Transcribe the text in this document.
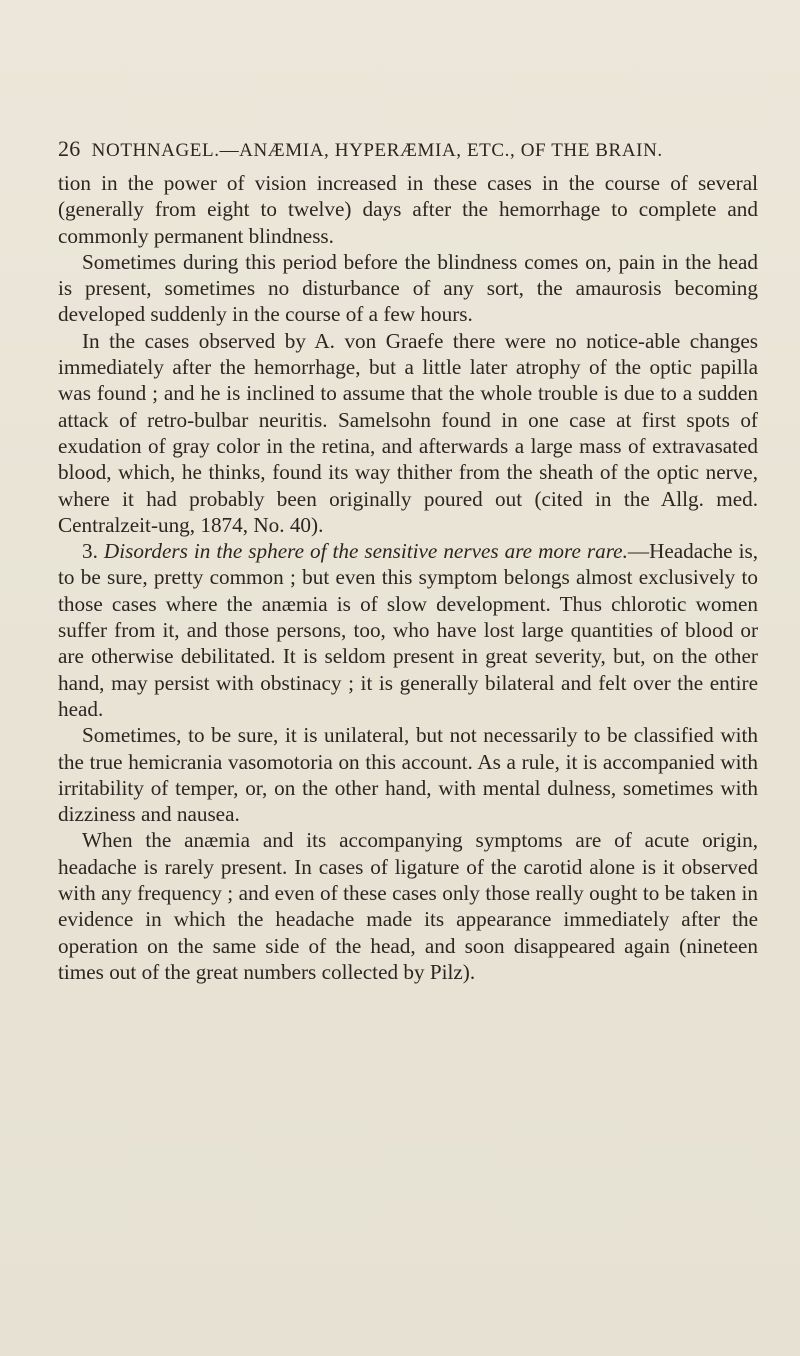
26 NOTHNAGEL.—ANÆMIA, HYPERÆMIA, ETC., OF THE BRAIN.

tion in the power of vision increased in these cases in the course of several (generally from eight to twelve) days after the hemorrhage to complete and commonly permanent blindness.

Sometimes during this period before the blindness comes on, pain in the head is present, sometimes no disturbance of any sort, the amaurosis becoming developed suddenly in the course of a few hours.

In the cases observed by A. von Graefe there were no notice-able changes immediately after the hemorrhage, but a little later atrophy of the optic papilla was found ; and he is inclined to assume that the whole trouble is due to a sudden attack of retro-bulbar neuritis. Samelsohn found in one case at first spots of exudation of gray color in the retina, and afterwards a large mass of extravasated blood, which, he thinks, found its way thither from the sheath of the optic nerve, where it had probably been originally poured out (cited in the Allg. med. Centralzeit-ung, 1874, No. 40).

3. Disorders in the sphere of the sensitive nerves are more rare.—Headache is, to be sure, pretty common ; but even this symptom belongs almost exclusively to those cases where the anæmia is of slow development. Thus chlorotic women suffer from it, and those persons, too, who have lost large quantities of blood or are otherwise debilitated. It is seldom present in great severity, but, on the other hand, may persist with obstinacy ; it is generally bilateral and felt over the entire head.

Sometimes, to be sure, it is unilateral, but not necessarily to be classified with the true hemicrania vasomotoria on this account. As a rule, it is accompanied with irritability of temper, or, on the other hand, with mental dulness, sometimes with dizziness and nausea.

When the anæmia and its accompanying symptoms are of acute origin, headache is rarely present. In cases of ligature of the carotid alone is it observed with any frequency ; and even of these cases only those really ought to be taken in evidence in which the headache made its appearance immediately after the operation on the same side of the head, and soon disappeared again (nineteen times out of the great numbers collected by Pilz).
